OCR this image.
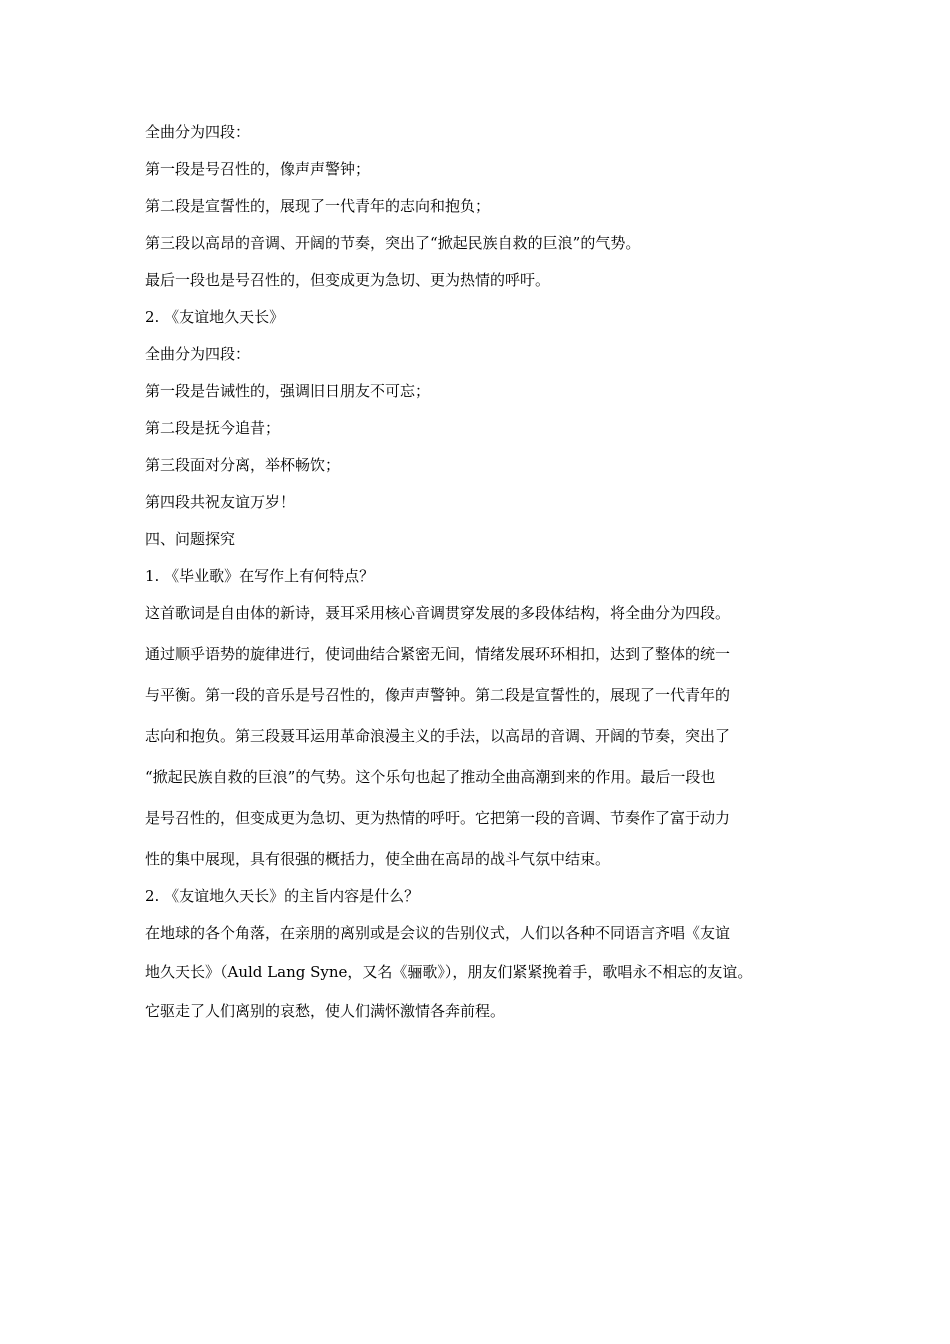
全曲分为四段：
第一段是号召性的，像声声警钟；
第二段是宣誓性的，展现了一代青年的志向和抱负；
第三段以高昂的音调、开阔的节奏，突出了“掀起民族自救的巨浪”的气势。
最后一段也是号召性的，但变成更为急切、更为热情的呼吁。
2. 《友谊地久天长》
全曲分为四段：
第一段是告诫性的，强调旧日朋友不可忘；
第二段是抚今追昔；
第三段面对分离，举杯畅饮；
第四段共祝友谊万岁！
四、问题探究
1. 《毕业歌》在写作上有何特点？
这首歌词是自由体的新诗，聂耳采用核心音调贯穿发展的多段体结构，将全曲分为四段。
通过顺乎语势的旋律进行，使词曲结合紧密无间，情绪发展环环相扣，达到了整体的统一
与平衡。第一段的音乐是号召性的，像声声警钟。第二段是宣誓性的，展现了一代青年的
志向和抱负。第三段聂耳运用革命浪漫主义的手法，以高昂的音调、开阔的节奏，突出了
“掀起民族自救的巨浪”的气势。这个乐句也起了推动全曲高潮到来的作用。最后一段也
是号召性的，但变成更为急切、更为热情的呼吁。它把第一段的音调、节奏作了富于动力
性的集中展现，具有很强的概括力，使全曲在高昂的战斗气氛中结束。
2. 《友谊地久天长》的主旨内容是什么？
在地球的各个角落，在亲朋的离别或是会议的告别仪式，人们以各种不同语言齐唱《友谊
地久天长》（Auld Lang Syne，又名《骊歌》），朋友们紧紧挽着手，歌唱永不相忘的友谊。
它驱走了人们离别的哀愁，使人们满怀激情各奔前程。
